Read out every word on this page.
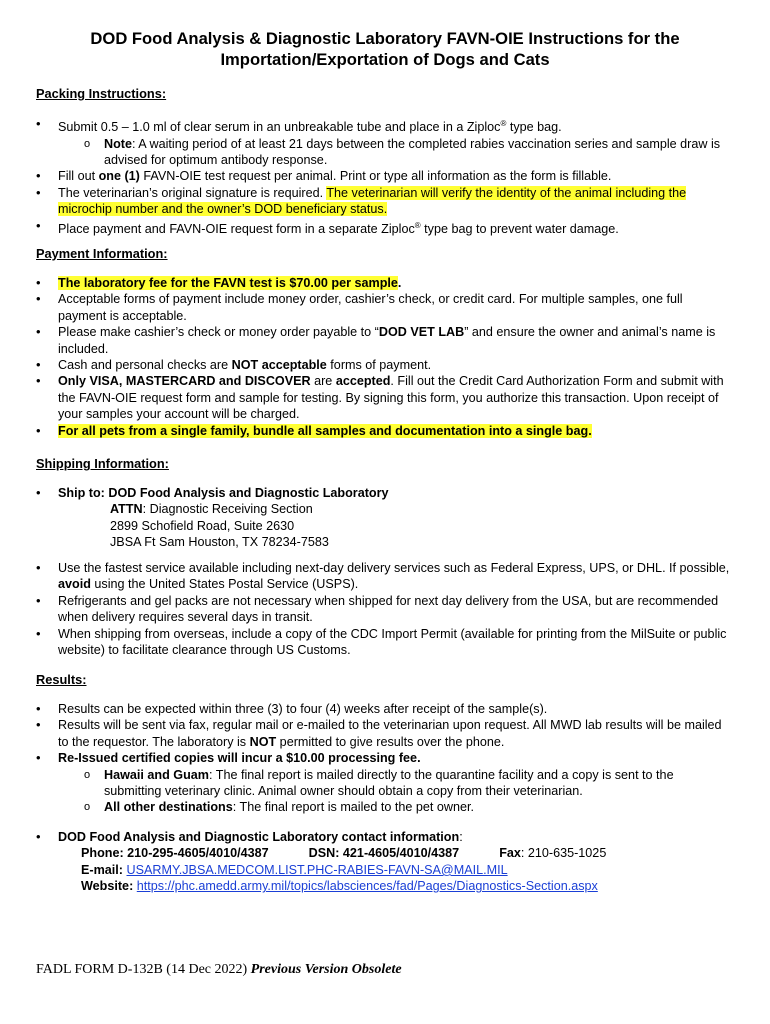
DOD Food Analysis & Diagnostic Laboratory FAVN-OIE Instructions for the
Importation/Exportation of Dogs and Cats
Packing Instructions:
• Submit 0.5 – 1.0 ml of clear serum in an unbreakable tube and place in a Ziploc® type bag.
o Note: A waiting period of at least 21 days between the completed rabies vaccination series and sample draw is advised for optimum antibody response.
• Fill out one (1) FAVN-OIE test request per animal. Print or type all information as the form is fillable.
• The veterinarian’s original signature is required. The veterinarian will verify the identity of the animal including the microchip number and the owner’s DOD beneficiary status.
• Place payment and FAVN-OIE request form in a separate Ziploc® type bag to prevent water damage.
Payment Information:
• The laboratory fee for the FAVN test is $70.00 per sample.
• Acceptable forms of payment include money order, cashier’s check, or credit card. For multiple samples, one full payment is acceptable.
• Please make cashier’s check or money order payable to “DOD VET LAB” and ensure the owner and animal’s name is included.
• Cash and personal checks are NOT acceptable forms of payment.
• Only VISA, MASTERCARD and DISCOVER are accepted. Fill out the Credit Card Authorization Form and submit with the FAVN-OIE request form and sample for testing. By signing this form, you authorize this transaction. Upon receipt of your samples your account will be charged.
• For all pets from a single family, bundle all samples and documentation into a single bag.
Shipping Information:
• Ship to: DOD Food Analysis and Diagnostic Laboratory
ATTN: Diagnostic Receiving Section
2899 Schofield Road, Suite 2630
JBSA Ft Sam Houston, TX 78234-7583
• Use the fastest service available including next-day delivery services such as Federal Express, UPS, or DHL. If possible, avoid using the United States Postal Service (USPS).
• Refrigerants and gel packs are not necessary when shipped for next day delivery from the USA, but are recommended when delivery requires several days in transit.
• When shipping from overseas, include a copy of the CDC Import Permit (available for printing from the MilSuite or public website) to facilitate clearance through US Customs.
Results:
• Results can be expected within three (3) to four (4) weeks after receipt of the sample(s).
• Results will be sent via fax, regular mail or e-mailed to the veterinarian upon request. All MWD lab results will be mailed to the requestor. The laboratory is NOT permitted to give results over the phone.
• Re-Issued certified copies will incur a $10.00 processing fee.
o Hawaii and Guam: The final report is mailed directly to the quarantine facility and a copy is sent to the submitting veterinary clinic. Animal owner should obtain a copy from their veterinarian.
o All other destinations: The final report is mailed to the pet owner.
• DOD Food Analysis and Diagnostic Laboratory contact information:
Phone: 210-295-4605/4010/4387	DSN: 421-4605/4010/4387	Fax: 210-635-1025
E-mail: USARMY.JBSA.MEDCOM.LIST.PHC-RABIES-FAVN-SA@MAIL.MIL
Website: https://phc.amedd.army.mil/topics/labsciences/fad/Pages/Diagnostics-Section.aspx
FADL FORM D-132B (14 Dec 2022) Previous Version Obsolete
